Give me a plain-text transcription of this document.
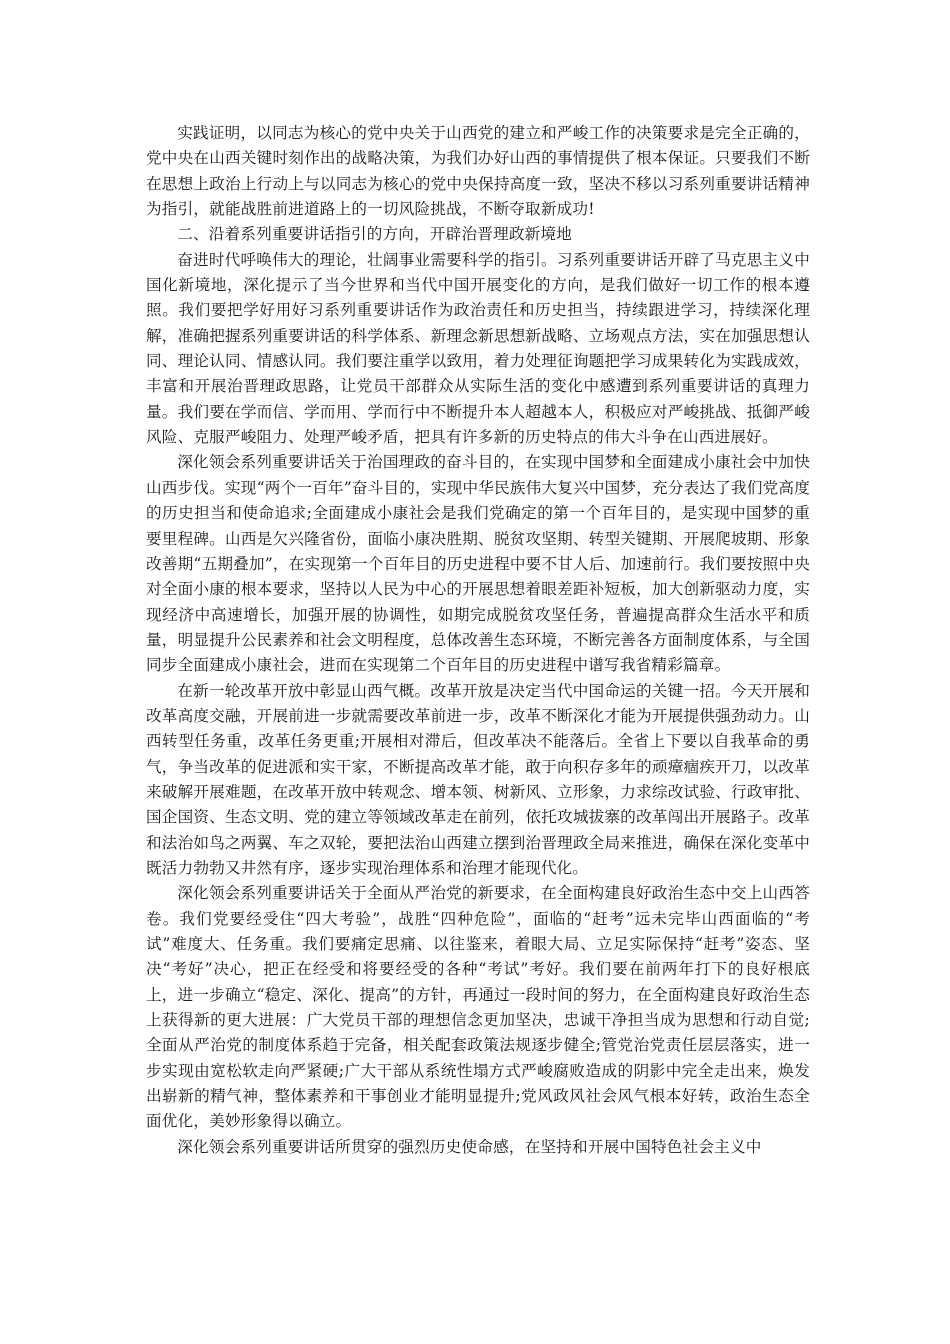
实践证明，以同志为核心的党中央关于山西党的建立和严峻工作的决策要求是完全正确的，党中央在山西关键时刻作出的战略决策，为我们办好山西的事情提供了根本保证。只要我们不断在思想上政治上行动上与以同志为核心的党中央保持高度一致，坚决不移以习系列重要讲话精神为指引，就能战胜前进道路上的一切风险挑战，不断夺取新成功!

二、沿着系列重要讲话指引的方向，开辟治晋理政新境地

奋进时代呼唤伟大的理论，壮阔事业需要科学的指引。习系列重要讲话开辟了马克思主义中国化新境地，深化提示了当今世界和当代中国开展变化的方向，是我们做好一切工作的根本遵照。我们要把学好用好习系列重要讲话作为政治责任和历史担当，持续跟进学习，持续深化理解，准确把握系列重要讲话的科学体系、新理念新思想新战略、立场观点方法，实在加强思想认同、理论认同、情感认同。我们要注重学以致用，着力处理征询题把学习成果转化为实践成效，丰富和开展治晋理政思路，让党员干部群众从实际生活的变化中感遭到系列重要讲话的真理力量。我们要在学而信、学而用、学而行中不断提升本人超越本人，积极应对严峻挑战、抵御严峻风险、克服严峻阻力、处理严峻矛盾，把具有许多新的历史特点的伟大斗争在山西进展好。

深化领会系列重要讲话关于治国理政的奋斗目的，在实现中国梦和全面建成小康社会中加快山西步伐。实现“两个一百年”奋斗目的，实现中华民族伟大复兴中国梦，充分表达了我们党高度的历史担当和使命追求;全面建成小康社会是我们党确定的第一个百年目的，是实现中国梦的重要里程碑。山西是欠兴隆省份，面临小康决胜期、脱贫攻坚期、转型关键期、开展爬坡期、形象改善期“五期叠加”，在实现第一个百年目的历史进程中要不甘人后、加速前行。我们要按照中央对全面小康的根本要求，坚持以人民为中心的开展思想着眼差距补短板，加大创新驱动力度，实现经济中高速增长，加强开展的协调性，如期完成脱贫攻坚任务，普遍提高群众生活水平和质量，明显提升公民素养和社会文明程度，总体改善生态环境，不断完善各方面制度体系，与全国同步全面建成小康社会，进而在实现第二个百年目的历史进程中谱写我省精彩篇章。

在新一轮改革开放中彰显山西气概。改革开放是决定当代中国命运的关键一招。今天开展和改革高度交融，开展前进一步就需要改革前进一步，改革不断深化才能为开展提供强劲动力。山西转型任务重，改革任务更重;开展相对滞后，但改革决不能落后。全省上下要以自我革命的勇气，争当改革的促进派和实干家，不断提高改革才能，敢于向积存多年的顽瘴痼疾开刀，以改革来破解开展难题，在改革开放中转观念、增本领、树新风、立形象，力求综改试验、行政审批、国企国资、生态文明、党的建立等领域改革走在前列，依托攻城拔寨的改革闯出开展路子。改革和法治如鸟之两翼、车之双轮，要把法治山西建立摆到治晋理政全局来推进，确保在深化变革中既活力勃勃又井然有序，逐步实现治理体系和治理才能现代化。

深化领会系列重要讲话关于全面从严治党的新要求，在全面构建良好政治生态中交上山西答卷。我们党要经受住“四大考验”，战胜“四种危险”，面临的“赶考”远未完毕山西面临的“考试”难度大、任务重。我们要痛定思痛、以往鉴来，着眼大局、立足实际保持“赶考”姿态、坚决“考好”决心，把正在经受和将要经受的各种“考试”考好。我们要在前两年打下的良好根底上，进一步确立“稳定、深化、提高”的方针，再通过一段时间的努力，在全面构建良好政治生态上获得新的更大进展：广大党员干部的理想信念更加坚决，忠诚干净担当成为思想和行动自觉;全面从严治党的制度体系趋于完备，相关配套政策法规逐步健全;管党治党责任层层落实，进一步实现由宽松软走向严紧硬;广大干部从系统性塌方式严峻腐败造成的阴影中完全走出来，焕发出崭新的精气神，整体素养和干事创业才能明显提升;党风政风社会风气根本好转，政治生态全面优化，美妙形象得以确立。

深化领会系列重要讲话所贯穿的强烈历史使命感，在坚持和开展中国特色社会主义中
